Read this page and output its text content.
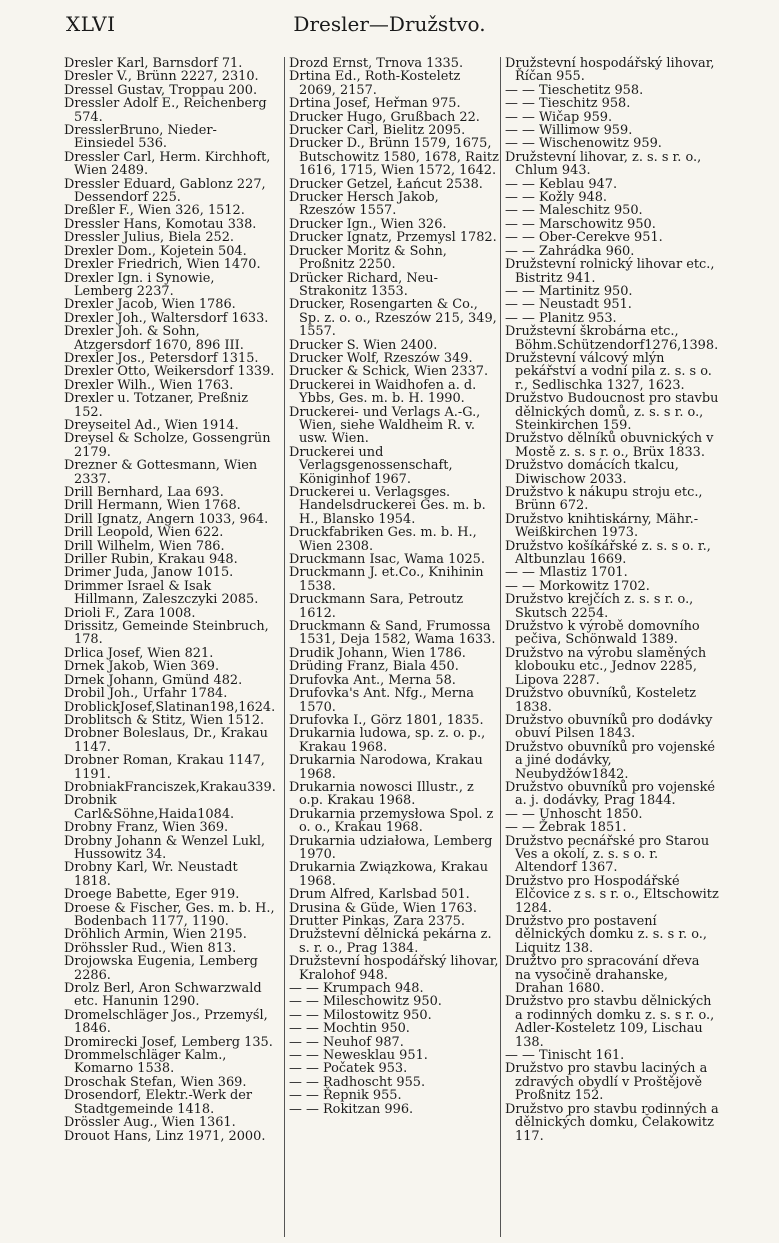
XLVI	Dresler—Družstvo.

Dresler Karl, Barnsdorf 71.

Dresler V., Brünn 2227, 2310.

Dressel Gustav, Troppau 200.

Dressler Adolf E., Reichenberg 574.

DresslerBruno, Nieder-Einsiedel 536.

Dressler Carl, Herm. Kirchhoft, Wien 2489.

Dressler Eduard, Gablonz 227, Dessendorf 225.

Dreßler F., Wien 326, 1512.

Dressler Hans, Komotau 338.

Dressler Julius, Biela 252.

Drexler Dom., Kojetein 504.

Drexler Friedrich, Wien 1470.

Drexler Ign. i Synowie, Lemberg 2237.

Drexler Jacob, Wien 1786.

Drexler Joh., Waltersdorf 1633.

Drexler Joh. & Sohn, Atzgersdorf 1670, 896 III.

Drexler Jos., Petersdorf 1315.

Drexler Otto, Weikersdorf 1339.

Drexler Wilh., Wien 1763.

Drexler u. Totzaner, Preßniz 152.

Dreyseitel Ad., Wien 1914.

Dreysel & Scholze, Gossengrün 2179.

Drezner & Gottesmann, Wien 2337.

Drill Bernhard, Laa 693.

Drill Hermann, Wien 1768.

Drill Ignatz, Angern 1033, 964.

Drill Leopold, Wien 622.

Drill Wilhelm, Wien 786.

Driller Rubin, Krakau 948.

Drimer Juda, Janow 1015.

Drimmer Israel & Isak Hillmann, Zaleszczyki 2085.

Drioli F., Zara 1008.

Drissitz, Gemeinde Steinbruch, 178.

Drlica Josef, Wien 821.

Drnek Jakob, Wien 369.

Drnek Johann, Gmünd 482.

Drobil Joh., Urfahr 1784.

DroblickJosef,Slatinan198,1624.

Droblitsch & Stitz, Wien 1512.

Drobner Boleslaus, Dr., Krakau 1147.

Drobner Roman, Krakau 1147, 1191.

DrobniakFranciszek,Krakau339.

Drobnik Carl&Söhne,Haida1084.

Drobny Franz, Wien 369.

Drobny Johann & Wenzel Lukl, Hussowitz 34.

Drobny Karl, Wr. Neustadt 1818.

Droege Babette, Eger 919.

Droese & Fischer, Ges. m. b. H., Bodenbach 1177, 1190.

Dröhlich Armin, Wien 2195.

Dröhssler Rud., Wien 813.

Drojowska Eugenia, Lemberg 2286.

Drolz Berl, Aron Schwarzwald etc. Hanunin 1290.

Dromelschläger Jos., Przemyśl, 1846.

Dromirecki Josef, Lemberg 135.

Drommelschläger Kalm., Komarno 1538.

Droschak Stefan, Wien 369.

Drosendorf, Elektr.-Werk der Stadtgemeinde 1418.

Drössler Aug., Wien 1361.

Drouot Hans, Linz 1971, 2000.

Drozd Ernst, Trnova 1335.

Drtina Ed., Roth-Kosteletz 2069, 2157.

Drtina Josef, Heřman 975.

Drucker Hugo, Grußbach 22.

Drucker Carl, Bielitz 2095.

Drucker D., Brünn 1579, 1675, Butschowitz 1580, 1678, Raitz 1616, 1715, Wien 1572, 1642.

Drucker Getzel, Łańcut 2538.

Drucker Hersch Jakob, Rzeszów 1557.

Drucker Ign., Wien 326.

Drucker Ignatz, Przemysl 1782.

Drucker Moritz & Sohn, Proßnitz 2250.

Drücker Richard, Neu-Strakonitz 1353.

Drucker, Rosengarten & Co., Sp. z. o. o., Rzeszów 215, 349, 1557.

Drucker S. Wien 2400.

Drucker Wolf, Rzeszów 349.

Drucker & Schick, Wien 2337.

Druckerei in Waidhofen a. d. Ybbs, Ges. m. b. H. 1990.

Druckerei- und Verlags A.-G., Wien, siehe Waldheim R. v. usw. Wien.

Druckerei und Verlagsgenossenschaft, Königinhof 1967.

Druckerei u. Verlagsges. Handelsdruckerei Ges. m. b. H., Blansko 1954.

Druckfabriken Ges. m. b. H., Wien 2308.

Druckmann Isac, Wama 1025.

Druckmann J. et.Co., Knihinin 1538.

Druckmann Sara, Petroutz 1612.

Druckmann & Sand, Frumossa 1531, Deja 1582, Wama 1633.

Drudik Johann, Wien 1786.

Drüding Franz, Biala 450.

Drufovka Ant., Merna 58.

Drufovka's Ant. Nfg., Merna 1570.

Drufovka I., Görz 1801, 1835.

Drukarnia ludowa, sp. z. o. p., Krakau 1968.

Drukarnia Narodowa, Krakau 1968.

Drukarnia nowosci Illustr., z o.p. Krakau 1968.

Drukarnia przemysłowa Spol. z o. o., Krakau 1968.

Drukarnia udziałowa, Lemberg 1970.

Drukarnia Związkowa, Krakau 1968.

Drum Alfred, Karlsbad 501.

Drusina & Güde, Wien 1763.

Drutter Pinkas, Zara 2375.

Družstevní dělnická pekárna z. s. r. o., Prag 1384.

Družstevní hospodářský lihovar, Kralohof 948.

— — Krumpach 948.

— — Mileschowitz 950.

— — Milostowitz 950.

— — Mochtin 950.

— — Neuhof 987.

— — Newesklau 951.

— — Počatek 953.

— — Radhoscht 955.

— — Řepnik 955.

— — Rokitzan 996.

Družstevní hospodářský lihovar, Říčan 955.

— — Tieschetitz 958.

— — Tieschitz 958.

— — Wičap 959.

— — Willimow 959.

— — Wischenowitz 959.

Družstevní lihovar, z. s. s r. o., Chlum 943.

— — Keblau 947.

— — Kožly 948.

— — Maleschitz 950.

— — Marschowitz 950.

— — Ober-Cerekve 951.

— — Zahrádka 960.

Družstevní rolnický lihovar etc., Bistritz 941.

— — Martinitz 950.

— — Neustadt 951.

— — Planitz 953.

Družstevní škrobárna etc., Böhm.Schützendorf1276,1398.

Družstevní válcový mlýn pekářství a vodní pila z. s. s o. r., Sedlischka 1327, 1623.

Družstvo Budoucnost pro stavbu dělnických domů, z. s. s r. o., Steinkirchen 159.

Družstvo dělníků obuvnických v Mostě z. s. s r. o., Brüx 1833.

Družstvo domácích tkalcu, Diwischow 2033.

Družstvo k nákupu stroju etc., Brünn 672.

Družstvo knihtiskárny, Mähr.-Weißkirchen 1973.

Družstvo košíkářské z. s. s o. r., Altbunzlau 1669.

— — Mlastiz 1701.

— — Morkowitz 1702.

Družstvo krejčích z. s. s r. o., Skutsch 2254.

Družstvo k výrobě domovního pečiva, Schönwald 1389.

Družstvo na výrobu slaměných klobouku etc., Jednov 2285, Lipova 2287.

Družstvo obuvníků, Kosteletz 1838.

Družstvo obuvníků pro dodávky obuví Pilsen 1843.

Družstvo obuvníků pro vojenské a jiné dodávky, Neubydžów1842.

Družstvo obuvníků pro vojenské a. j. dodávky, Prag 1844.

— — Unhoscht 1850.

— — Žebrak 1851.

Družstvo pecnářské pro Starou Ves a okolí, z. s. s o. r. Altendorf 1367.

Družstvo pro Hospodářské Elčovice z s. s r. o., Eltschowitz 1284.

Družstvo pro postavení dělnických domku z. s. s r. o., Liquitz 138.

Družtvo pro spracování dřeva na vysočině drahanske, Drahan 1680.

Družstvo pro stavbu dělnických a rodinných domku z. s. s r. o., Adler-Kosteletz 109, Lischau 138.

— — Tinischt 161.

Družstvo pro stavbu laciných a zdravých obydlí v Proštějově Proßnitz 152.

Družstvo pro stavbu rodinných a dělnických domku, Čelakowitz 117.
